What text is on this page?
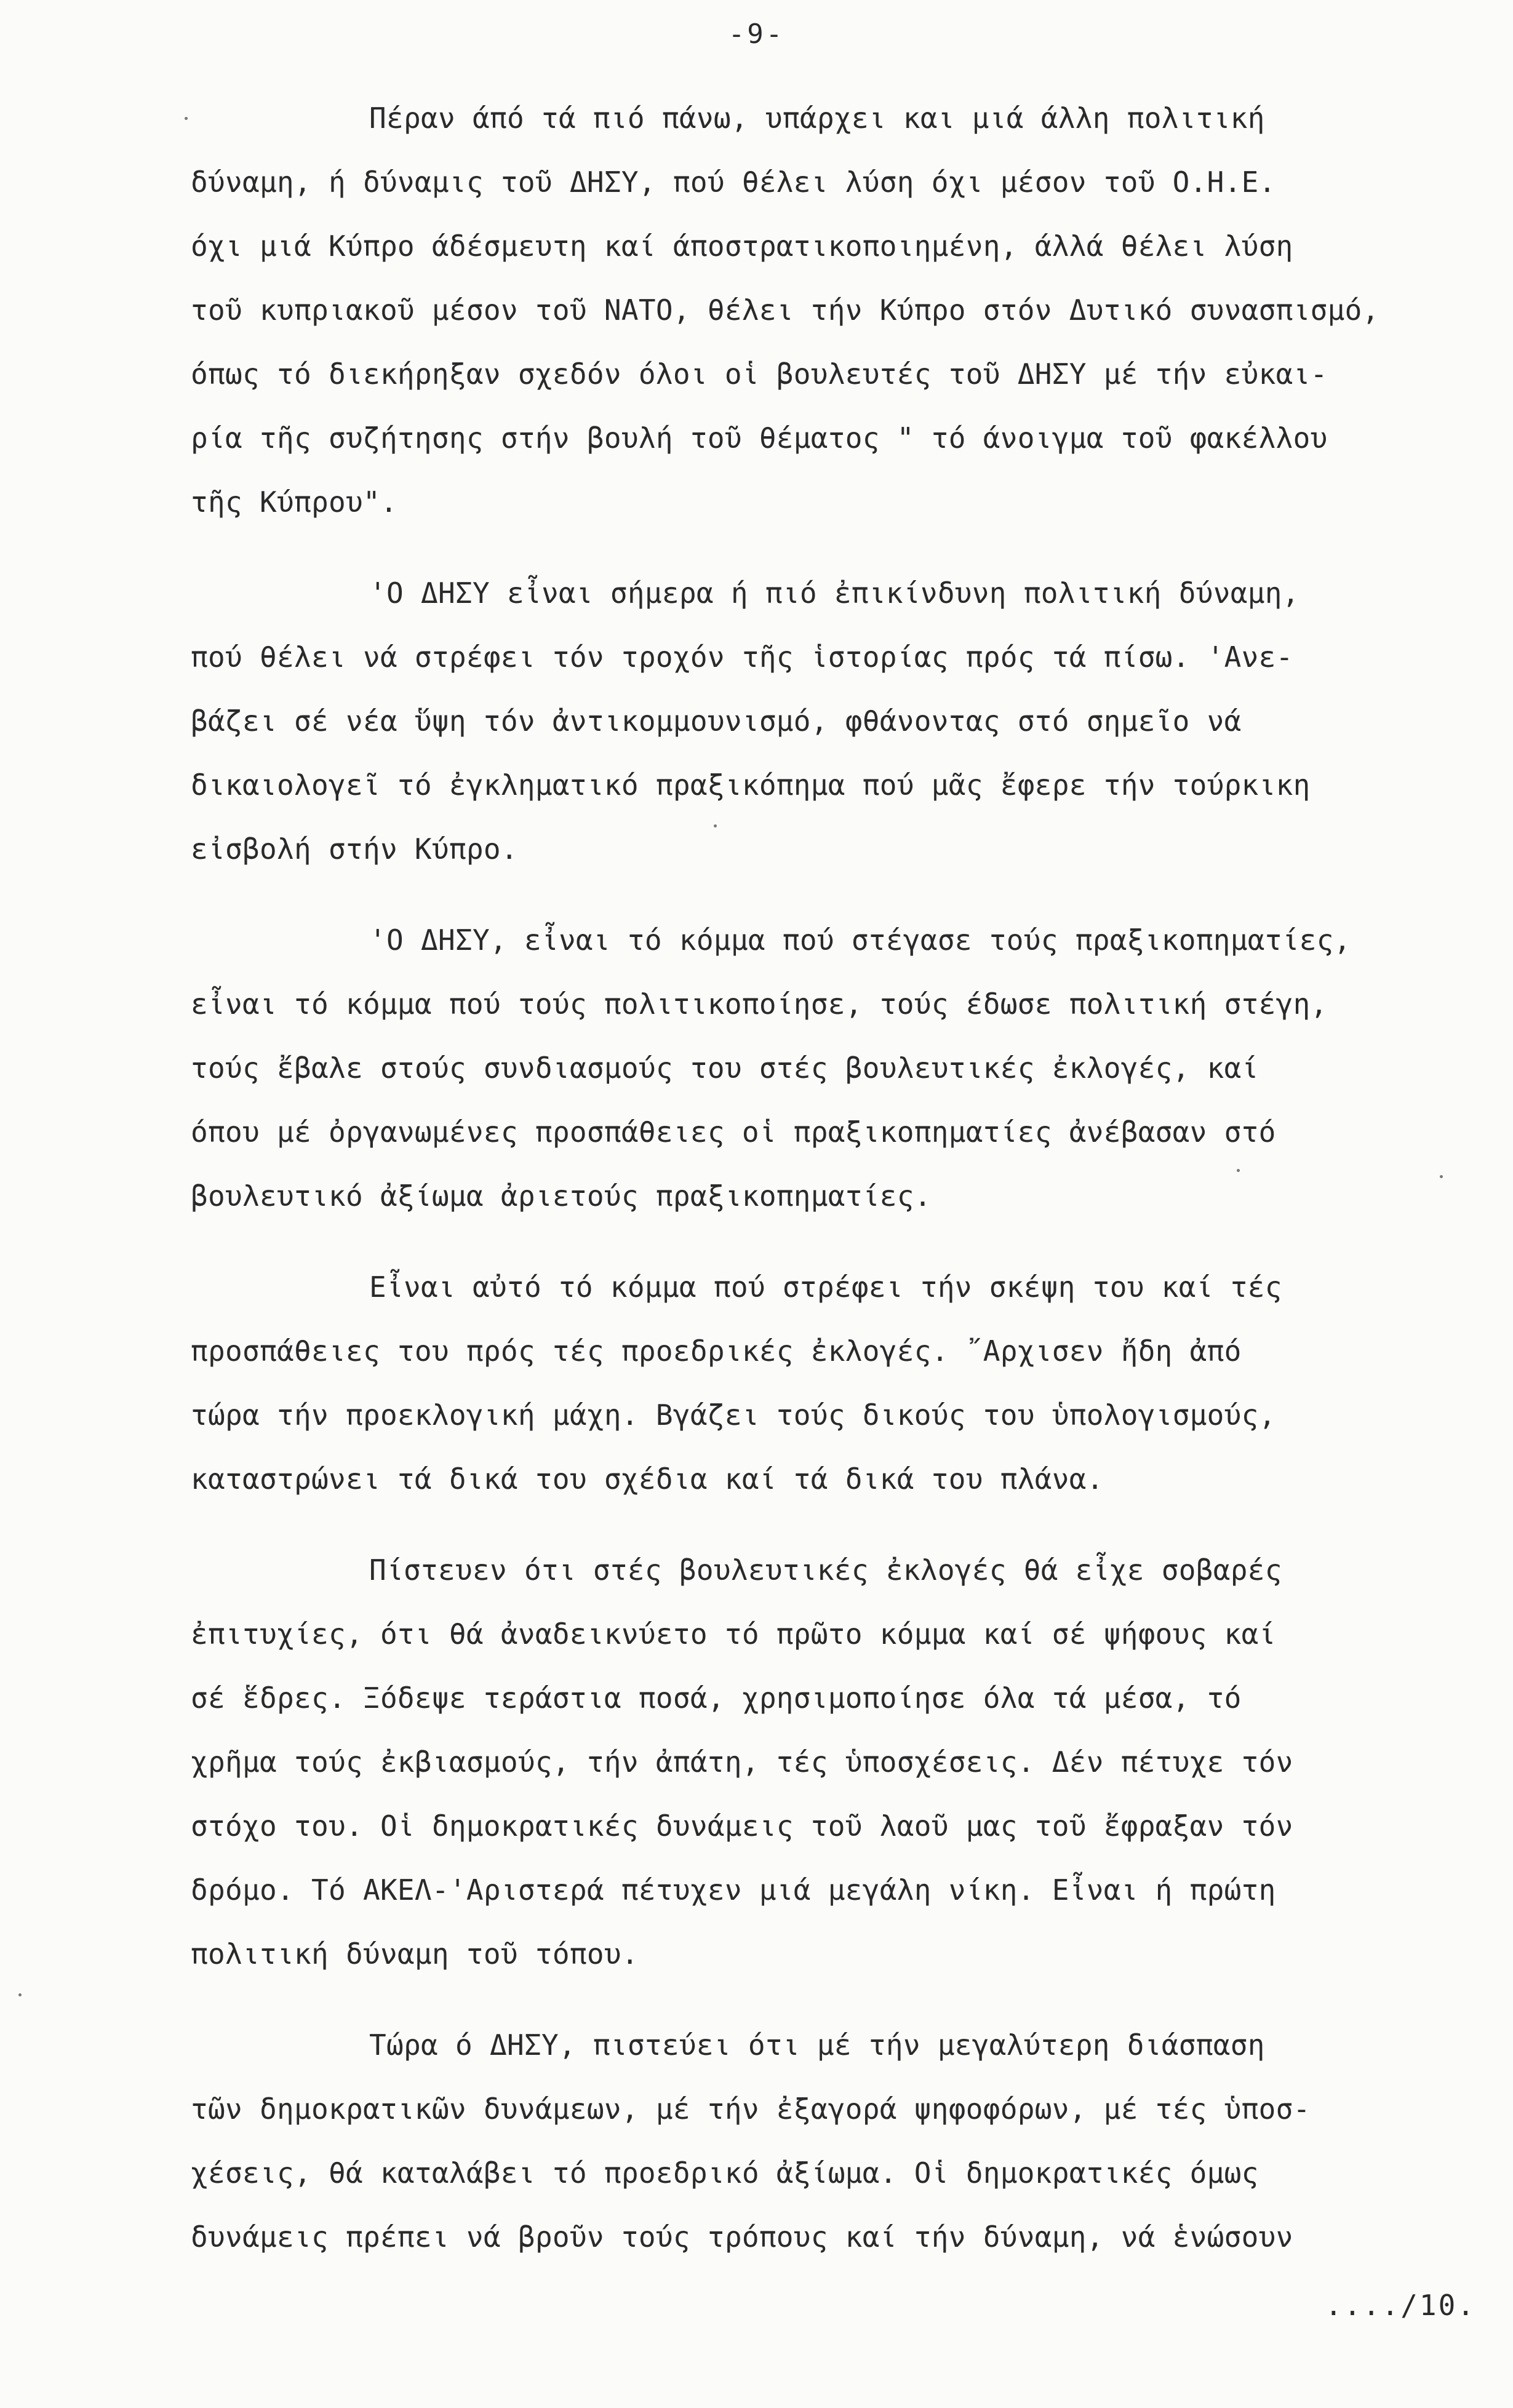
-9-
Πέραν άπό τά πιό πάνω, υπάρχει και μιά άλλη πολιτική
δύναμη, ή δύναμις τοῦ ΔΗΣΥ, πού θέλει λύση όχι μέσον τοῦ Ο.Η.Ε.
όχι μιά Κύπρο άδέσμευτη καί άποστρατικοποιημένη, άλλά θέλει λύση
τοῦ κυπριακοῦ μέσον τοῦ ΝΑΤΟ, θέλει τήν Κύπρο στόν Δυτικό συνασπισμό,
όπως τό διεκήρηξαν σχεδόν όλοι οἱ βουλευτές τοῦ ΔΗΣΥ μέ τήν εὐκαι-
ρία τῆς συζήτησης στήν βουλή τοῦ θέματος " τό άνοιγμα τοῦ φακέλλου
τῆς Κύπρου".
'Ο ΔΗΣΥ εἶναι σήμερα ή πιό ἐπικίνδυνη πολιτική δύναμη,
πού θέλει νά στρέφει τόν τροχόν τῆς ἱστορίας πρός τά πίσω. 'Ανε-
βάζει σέ νέα ὕψη τόν ἀντικομμουνισμό, φθάνοντας στό σημεῖο νά
δικαιολογεῖ τό ἐγκληματικό πραξικόπημα πού μᾶς ἔφερε τήν τούρκικη
εἰσβολή στήν Κύπρο.
'Ο ΔΗΣΥ, εἶναι τό κόμμα πού στέγασε τούς πραξικοπηματίες,
εἶναι τό κόμμα πού τούς πολιτικοποίησε, τούς έδωσε πολιτική στέγη,
τούς ἔβαλε στούς συνδιασμούς του στές βουλευτικές ἐκλογές, καί
όπου μέ ὀργανωμένες προσπάθειες οἱ πραξικοπηματίες ἀνέβασαν στό
βουλευτικό ἀξίωμα ἀριετούς πραξικοπηματίες.
Εἶναι αὐτό τό κόμμα πού στρέφει τήν σκέψη του καί τές
προσπάθειες του πρός τές προεδρικές ἐκλογές. ῎Αρχισεν ἤδη ἀπό
τώρα τήν προεκλογική μάχη. Βγάζει τούς δικούς του ὑπολογισμούς,
καταστρώνει τά δικά του σχέδια καί τά δικά του πλάνα.
Πίστευεν ότι στές βουλευτικές ἐκλογές θά εἶχε σοβαρές
ἐπιτυχίες, ότι θά ἀναδεικνύετο τό πρῶτο κόμμα καί σέ ψήφους καί
σέ ἕδρες. Ξόδεψε τεράστια ποσά, χρησιμοποίησε όλα τά μέσα, τό
χρῆμα τούς ἐκβιασμούς, τήν ἀπάτη, τές ὑποσχέσεις. Δέν πέτυχε τόν
στόχο του. Οἱ δημοκρατικές δυνάμεις τοῦ λαοῦ μας τοῦ ἔφραξαν τόν
δρόμο. Τό ΑΚΕΛ-'Αριστερά πέτυχεν μιά μεγάλη νίκη. Εἶναι ή πρώτη
πολιτική δύναμη τοῦ τόπου.
Τώρα ό ΔΗΣΥ, πιστεύει ότι μέ τήν μεγαλύτερη διάσπαση
τῶν δημοκρατικῶν δυνάμεων, μέ τήν ἐξαγορά ψηφοφόρων, μέ τές ὑποσ-
χέσεις, θά καταλάβει τό προεδρικό ἀξίωμα. Οἱ δημοκρατικές όμως
δυνάμεις πρέπει νά βροῦν τούς τρόπους καί τήν δύναμη, νά ἑνώσουν
..../10.
